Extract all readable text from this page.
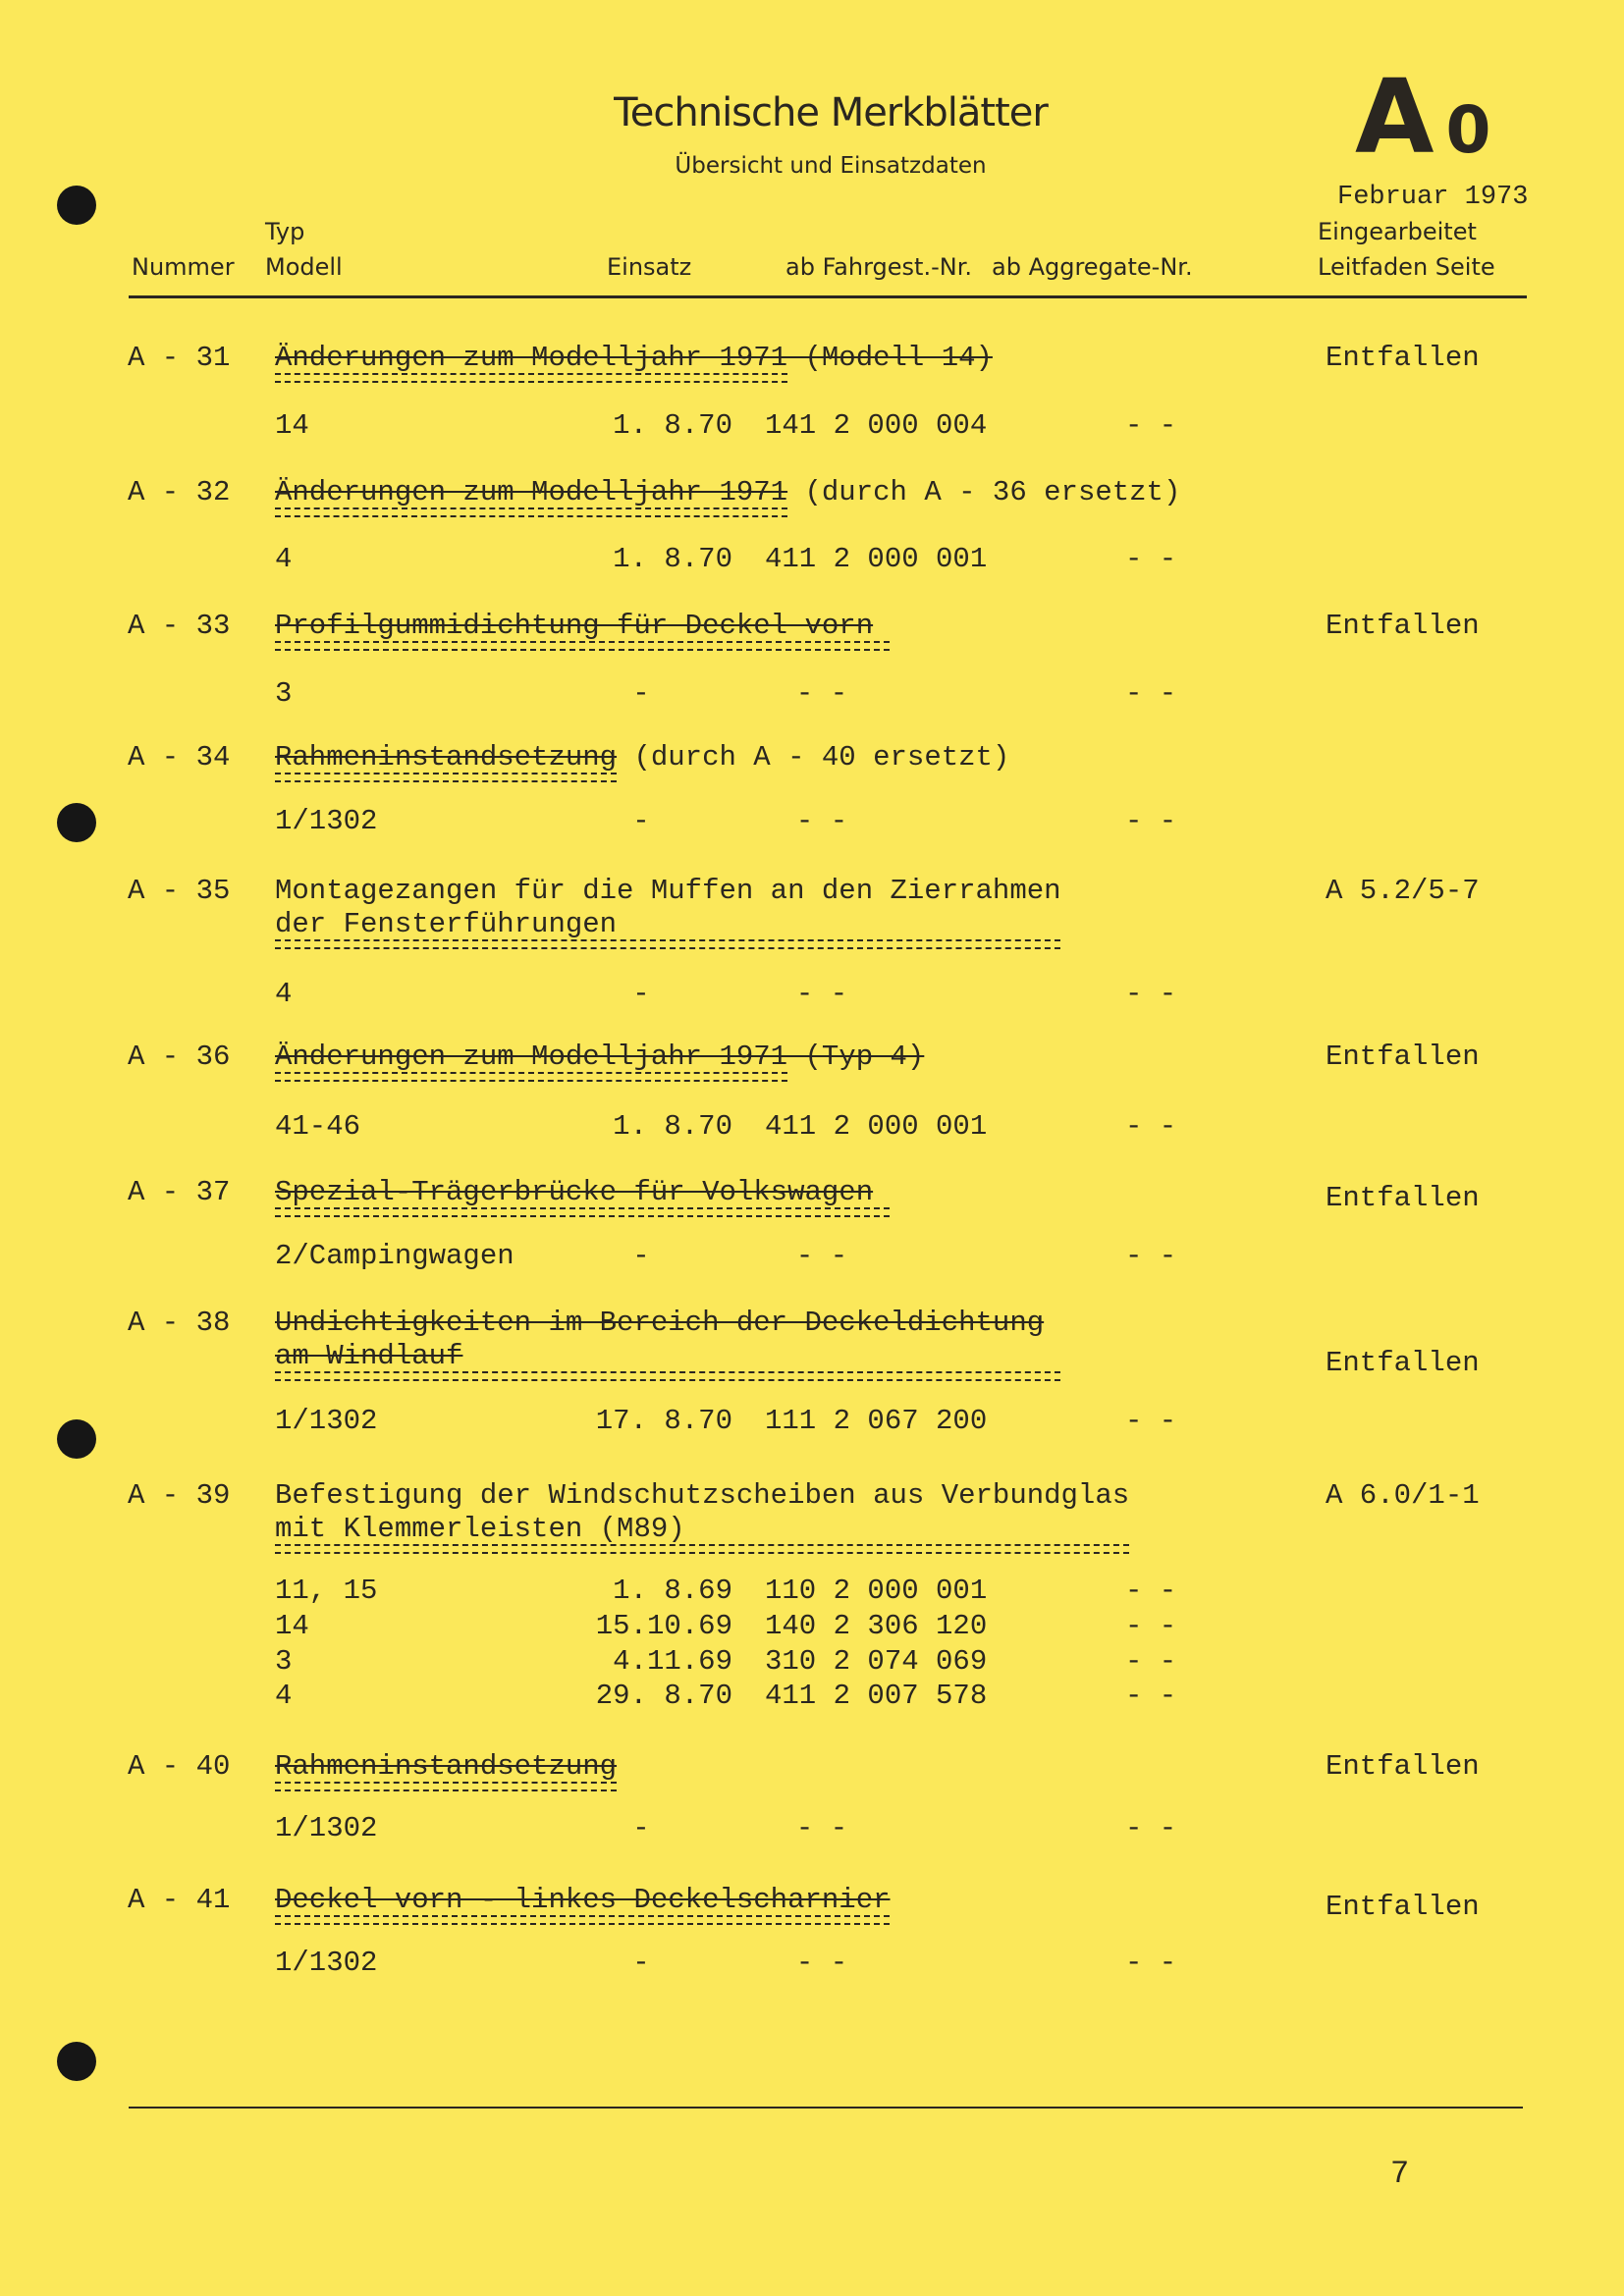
Technische Merkblätter
Übersicht und Einsatzdaten	A 0
Februar 1973
Typ
Nummer Modell	Einsatz	ab Fahrgest.-Nr. ab Aggregate-Nr.
Eingearbeitet
Leitfaden Seite
A - 31 Änderungen zum Modelljahr 1971 (Modell 14)	Entfallen
14	1. 8.70 141 2 000 004	- -
A - 32 Änderungen zum Modelljahr 1971 (durch A - 36 ersetzt)
4	1. 8.70 411 2 000 001	- -
A - 33 Profilgummidichtung für Deckel vorn	Entfallen
3	-	- -	- -
A - 34 Rahmeninstandsetzung (durch A - 40 ersetzt)
1/1302	-	- -	- -
A - 35 Montagezangen für die Muffen an den Zierrahmen
der Fensterführungen
A 5.2/5-7
4	-	- -	- -
A - 36 Änderungen zum Modelljahr 1971 (Typ 4)	Entfallen
41-46	1. 8.70 411 2 000 001	- -
A - 37 Spezial-Trägerbrücke für Volkswagen	Entfallen
2/Campingwagen	-	- -	- -
A - 38 Undichtigkeiten im Bereich der Deckeldichtung
am Windlauf	Entfallen
1/1302	17. 8.70 111 2 067 200	- -
A - 39 Befestigung der Windschutzscheiben aus Verbundglas
mit Klemmerleisten (M89)
A 6.0/1-1
11, 15	1. 8.69 110 2 000 001	- -
14	15.10.69 140 2 306 120	- -
3	4.11.69 310 2 074 069	- -
4	29. 8.70 411 2 007 578	- -
A - 40 Rahmeninstandsetzung	Entfallen
1/1302	-	- -	- -
A - 41 Deckel vorn - linkes Deckelscharnier	Entfallen
1/1302	-	- -	- -
7
